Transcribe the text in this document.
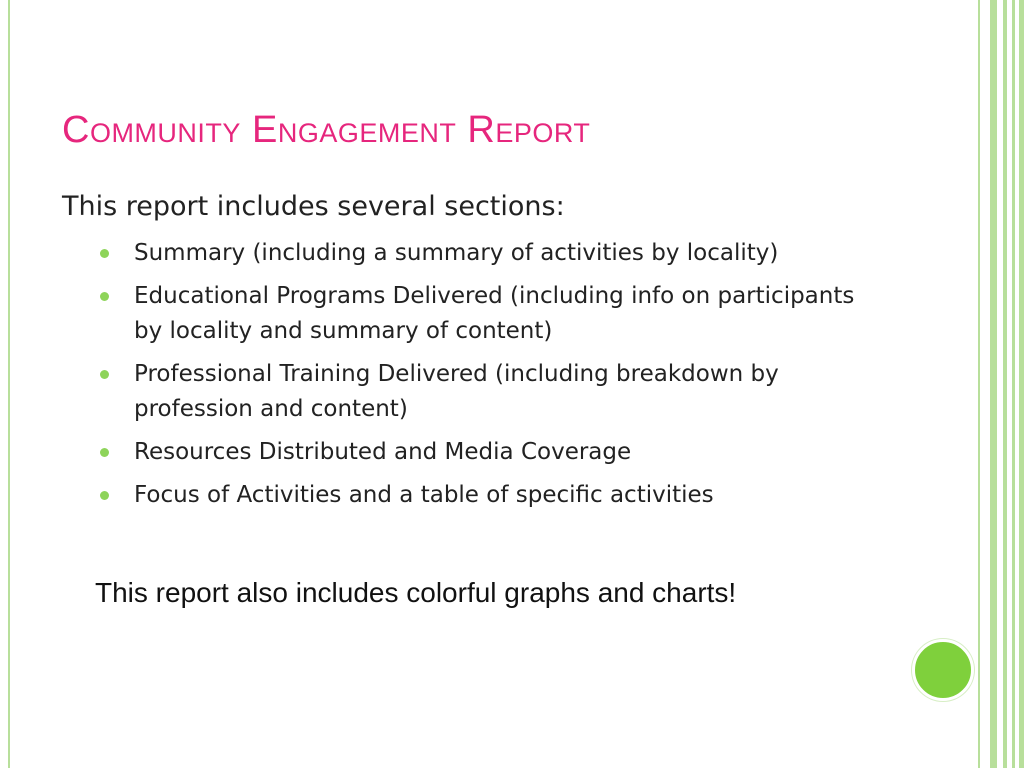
Community Engagement Report

This report includes several sections:

Summary (including a summary of activities by locality)
Educational Programs Delivered (including info on participants by locality and summary of content)
Professional Training Delivered (including breakdown by profession and content)
Resources Distributed and Media Coverage
Focus of Activities and a table of specific activities

This report also includes colorful graphs and charts!
